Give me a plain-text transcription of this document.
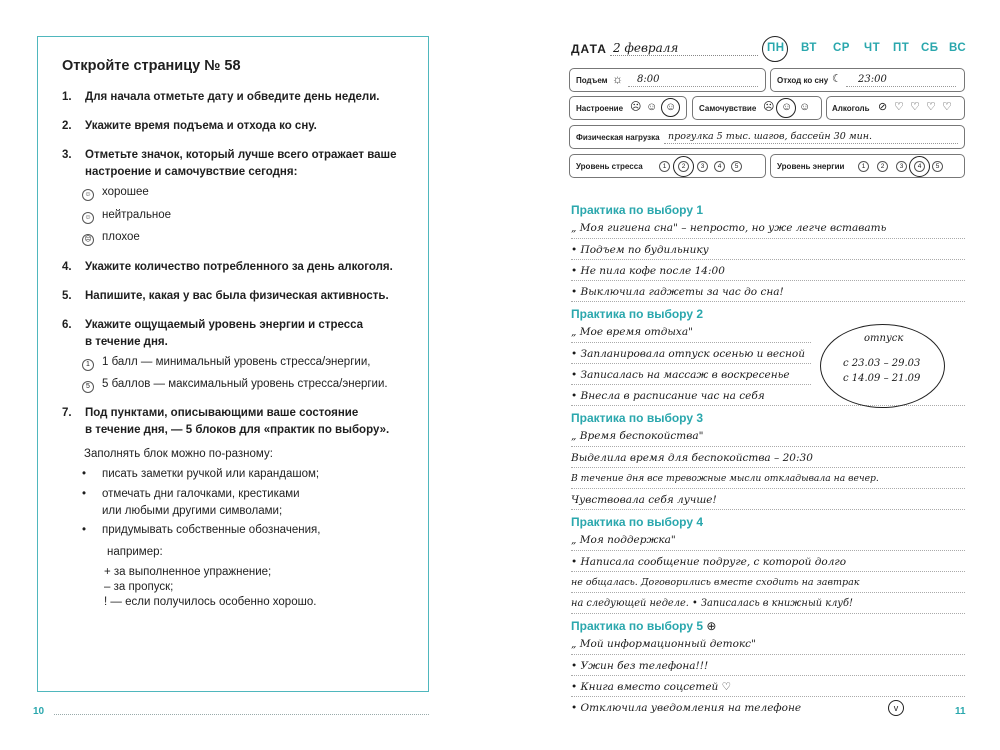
Откройте страницу № 58
1. Для начала отметьте дату и обведите день недели.
2. Укажите время подъема и отхода ко сну.
3. Отметьте значок, который лучше всего отражает ваше
настроение и самочувствие сегодня:
☺ хорошее
☺ нейтральное
☹ плохое
4. Укажите количество потребленного за день алкоголя.
5. Напишите, какая у вас была физическая активность.
6. Укажите ощущаемый уровень энергии и стресса
в течение дня.
1 1 балл — минимальный уровень стресса/энергии,
5 5 баллов — максимальный уровень стресса/энергии.
7. Под пунктами, описывающими ваше состояние
в течение дня, — 5 блоков для «практик по выбору».
Заполнять блок можно по-разному:
• писать заметки ручкой или карандашом;
• отмечать дни галочками, крестиками
или любыми другими символами;
• придумывать собственные обозначения,
например:
+ за выполненное упражнение;
– за пропуск;
! — если получилось особенно хорошо.
10
ДАТА 2 февраля	ПН ВТ СР ЧТ ПТ СБ ВС
Подъем ☼ 8:00	Отход ко сну ☾ 23:00
Настроение ☹ ☺ ☺	Самочувствие ☹ ☺ ☺	Алкоголь ⊘ ♡ ♡ ♡ ♡
Физическая нагрузка прогулка 5 тыс. шагов, бассейн 30 мин.
Уровень стресса	1	2	3	4	5	Уровень энергии	1	2	3	4	5
Практика по выбору 1
„ Моя гигиена сна" – непросто, но уже легче вставать
• Подъем по будильнику
• Не пила кофе после 14:00
• Выключила гаджеты за час до сна!
Практика по выбору 2
„ Мое время отдыха"
• Запланировала отпуск осенью и весной
• Записалась на массаж в воскресенье
• Внесла в расписание час на себя
отпуск
с 23.03 – 29.03
с 14.09 – 21.09
Практика по выбору 3
„ Время беспокойства"
Выделила время для беспокойства – 20:30
В течение дня все тревожные мысли откладывала на вечер.
Чувствовала себя лучше!
Практика по выбору 4
„ Моя поддержка"
• Написала сообщение подруге, с которой долго
не общалась. Договорились вместе сходить на завтрак
на следующей неделе. • Записалась в книжный клуб!
Практика по выбору 5 ⊕
„ Мой информационный детокс"
• Ужин без телефона!!!
• Книга вместо соцсетей ♡
• Отключила уведомления на телефоне	v	11
